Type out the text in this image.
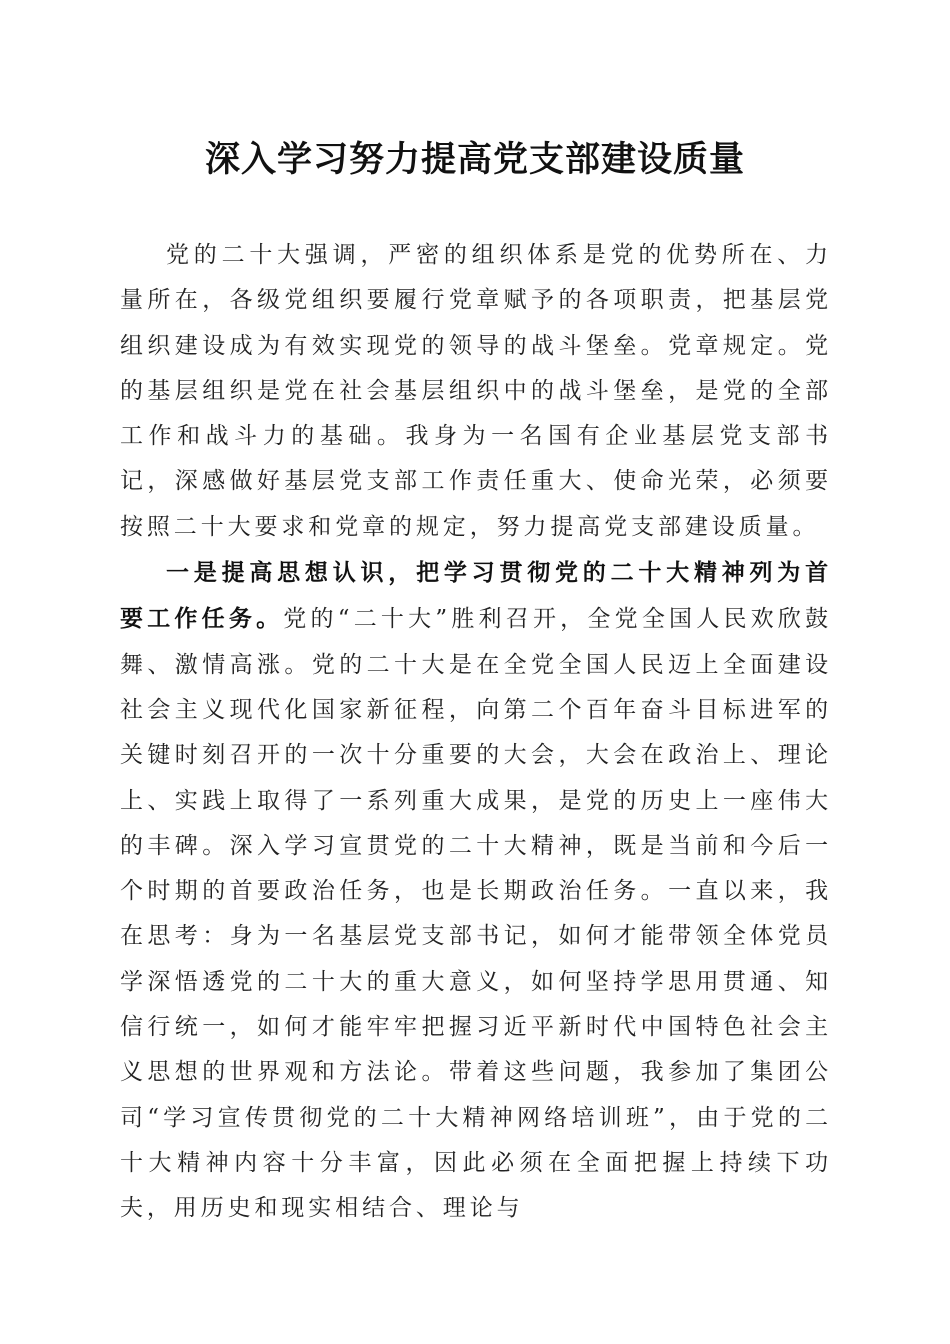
深入学习努力提高党支部建设质量

党的二十大强调，严密的组织体系是党的优势所在、力量所在，各级党组织要履行党章赋予的各项职责，把基层党组织建设成为有效实现党的领导的战斗堡垒。党章规定。党的基层组织是党在社会基层组织中的战斗堡垒，是党的全部工作和战斗力的基础。我身为一名国有企业基层党支部书记，深感做好基层党支部工作责任重大、使命光荣，必须要按照二十大要求和党章的规定，努力提高党支部建设质量。

一是提高思想认识，把学习贯彻党的二十大精神列为首要工作任务。党的“二十大”胜利召开，全党全国人民欢欣鼓舞、激情高涨。党的二十大是在全党全国人民迈上全面建设社会主义现代化国家新征程，向第二个百年奋斗目标进军的关键时刻召开的一次十分重要的大会，大会在政治上、理论上、实践上取得了一系列重大成果，是党的历史上一座伟大的丰碑。深入学习宣贯党的二十大精神，既是当前和今后一个时期的首要政治任务，也是长期政治任务。一直以来，我在思考：身为一名基层党支部书记，如何才能带领全体党员学深悟透党的二十大的重大意义，如何坚持学思用贯通、知信行统一，如何才能牢牢把握习近平新时代中国特色社会主义思想的世界观和方法论。带着这些问题，我参加了集团公司“学习宣传贯彻党的二十大精神网络培训班”，由于党的二十大精神内容十分丰富，因此必须在全面把握上持续下功夫，用历史和现实相结合、理论与
